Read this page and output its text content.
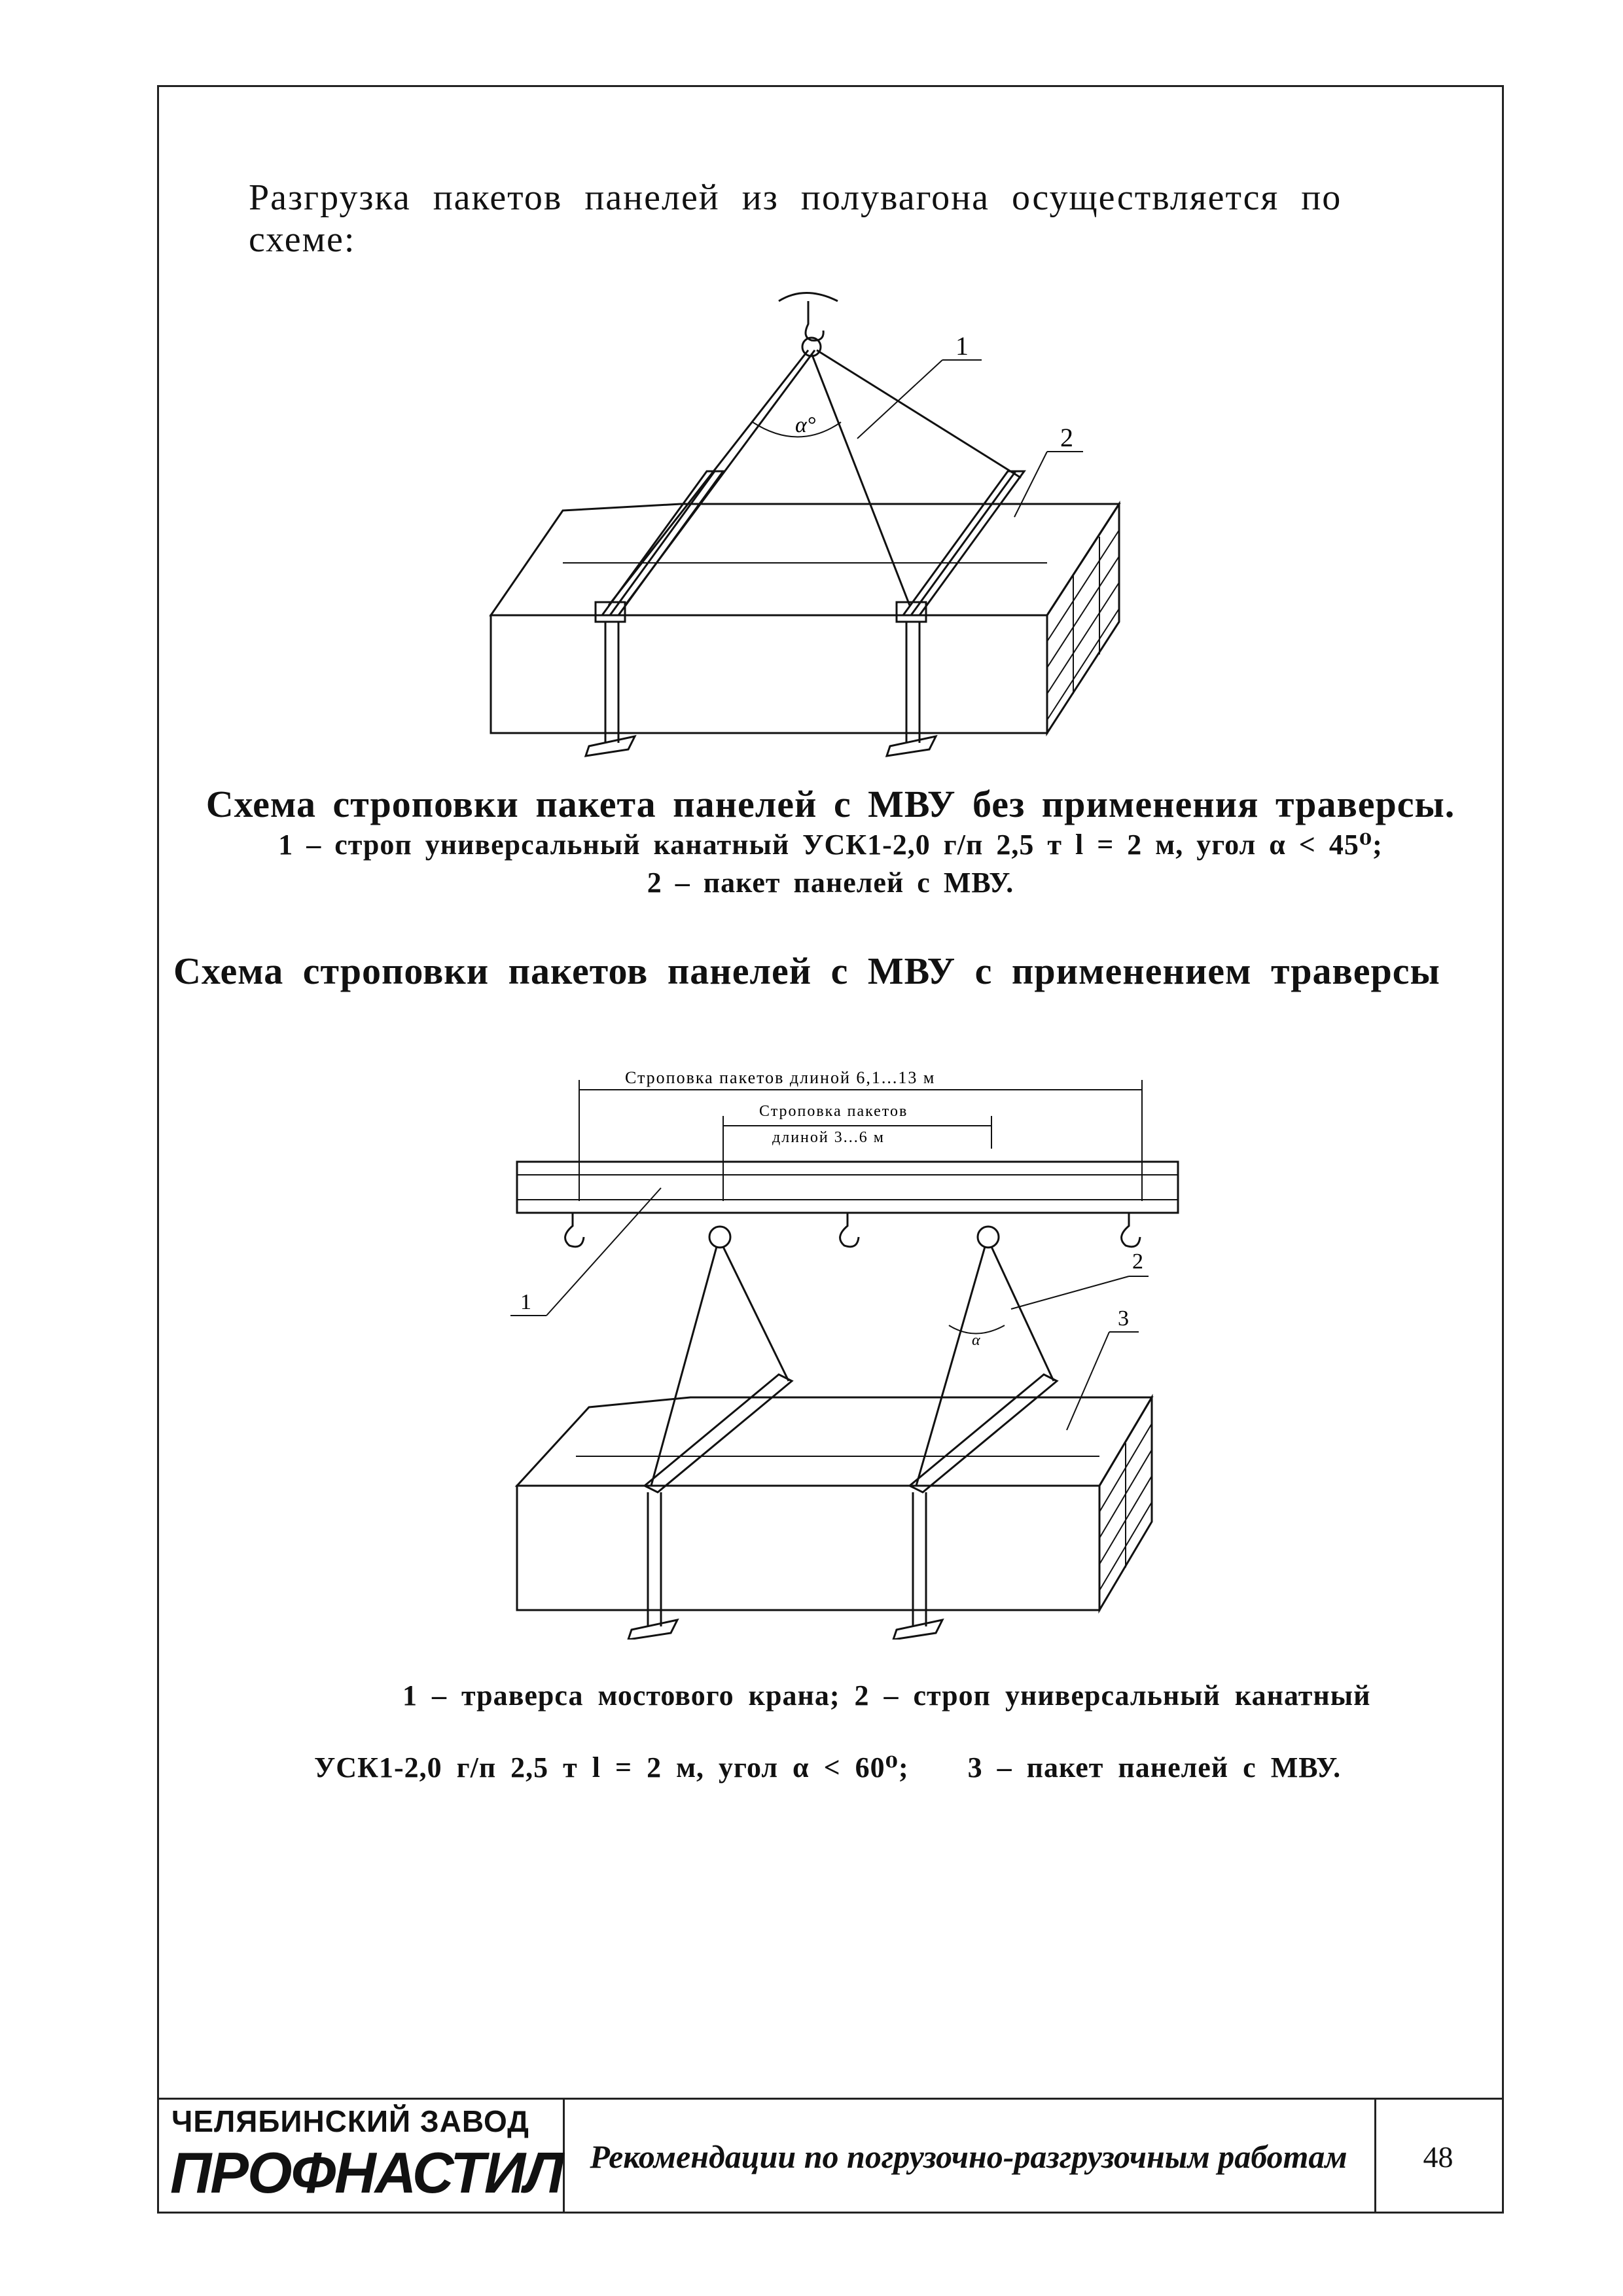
Разгрузка пакетов панелей из полувагона осуществляется по схеме:
1
2
α°
Схема строповки пакета панелей с МВУ без применения траверсы.
1 – строп универсальный канатный УСК1-2,0 г/п 2,5 т l = 2 м, угол α < 45⁰;
2 – пакет панелей с МВУ.
Схема строповки пакетов панелей с МВУ с применением траверсы
Строповка пакетов длиной 6,1...13 м
Строповка пакетов
длиной 3...6 м
1
2
3
α
1 – траверса мостового крана; 2 – строп универсальный канатный
УСК1-2,0 г/п 2,5 т l = 2 м, угол α < 60⁰; 3 – пакет панелей с МВУ.
ЧЕЛЯБИНСКИЙ ЗАВОД
ПРОФНАСТИЛ Рекомендации по погрузочно-разгрузочным работам	48
